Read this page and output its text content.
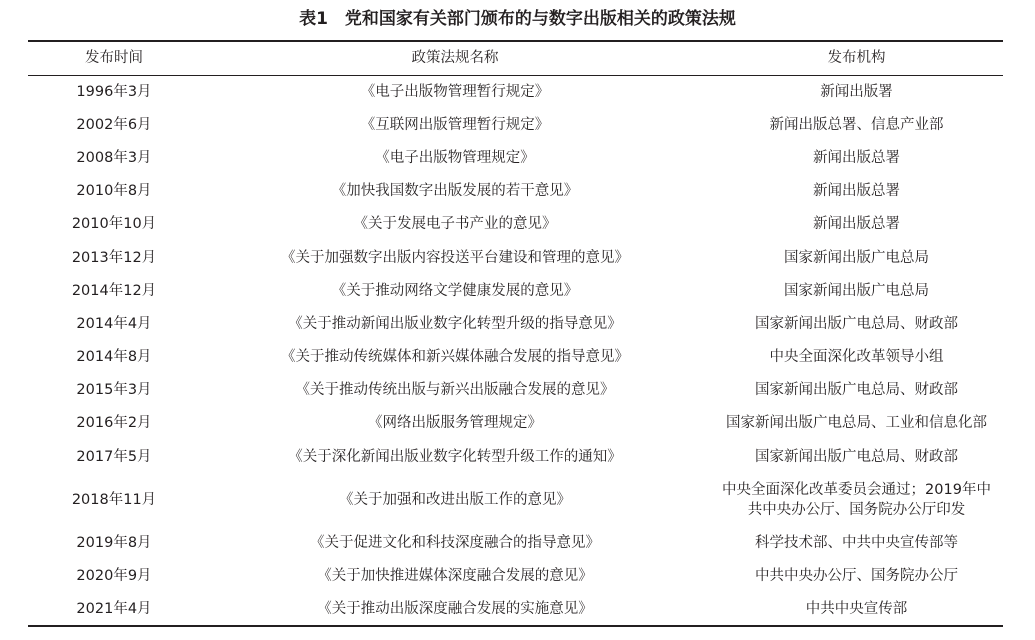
表1　党和国家有关部门颁布的与数字出版相关的政策法规
发布时间	政策法规名称	发布机构
1996年3月	《电子出版物管理暂行规定》	新闻出版署
2002年6月	《互联网出版管理暂行规定》	新闻出版总署、信息产业部
2008年3月	《电子出版物管理规定》	新闻出版总署
2010年8月	《加快我国数字出版发展的若干意见》	新闻出版总署
2010年10月	《关于发展电子书产业的意见》	新闻出版总署
2013年12月	《关于加强数字出版内容投送平台建设和管理的意见》	国家新闻出版广电总局
2014年12月	《关于推动网络文学健康发展的意见》	国家新闻出版广电总局
2014年4月	《关于推动新闻出版业数字化转型升级的指导意见》	国家新闻出版广电总局、财政部
2014年8月	《关于推动传统媒体和新兴媒体融合发展的指导意见》	中央全面深化改革领导小组
2015年3月	《关于推动传统出版与新兴出版融合发展的意见》	国家新闻出版广电总局、财政部
2016年2月	《网络出版服务管理规定》	国家新闻出版广电总局、工业和信息化部
2017年5月	《关于深化新闻出版业数字化转型升级工作的通知》	国家新闻出版广电总局、财政部
2018年11月	《关于加强和改进出版工作的意见》	中央全面深化改革委员会通过；2019年中共中央办公厅、国务院办公厅印发
2019年8月	《关于促进文化和科技深度融合的指导意见》	科学技术部、中共中央宣传部等
2020年9月	《关于加快推进媒体深度融合发展的意见》	中共中央办公厅、国务院办公厅
2021年4月	《关于推动出版深度融合发展的实施意见》	中共中央宣传部
